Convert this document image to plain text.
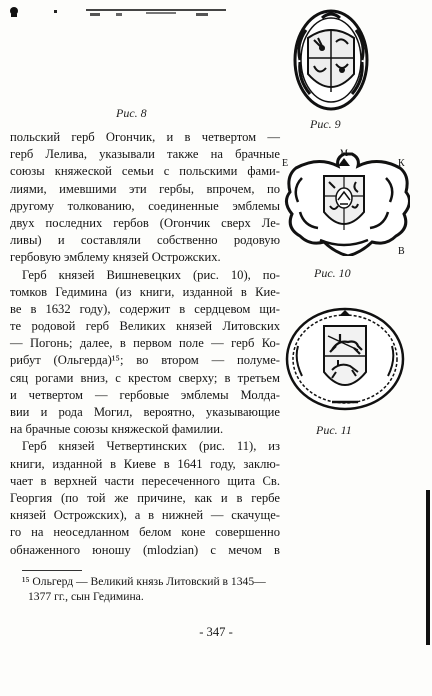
Рис. 8
Рис. 9
Е
М
К
В
Рис. 10
Рис. 11
польский герб Огончик, и в четвертом —
герб Лелива, указывали также на брачные
союзы княжеской семьи с польскими фами-
лиями, имевшими эти гербы, впрочем, по
другому толкованию, соединенные эмблемы
двух последних гербов (Огончик сверх Ле-
ливы) и составляли собственно родовую
гербовую эмблему князей Острожских.
Герб князей Вишневецких (рис. 10), по-
томков Гедимина (из книги, изданной в Кие-
ве в 1632 году), содержит в сердцевом щи-
те родовой герб Великих князей Литовских
— Погонь; далее, в первом поле — герб Ко-
рибут (Ольгерда)¹⁵; во втором — полуме-
сяц рогами вниз, с крестом сверху; в третьем
и четвертом — гербовые эмблемы Молда-
вии и рода Могил, вероятно, указывающие
на брачные союзы княжеской фамилии.
Герб князей Четвертинских (рис. 11), из
книги, изданной в Киеве в 1641 году, заклю-
чает в верхней части пересеченного щита Св.
Георгия (по той же причине, как и в гербе
князей Острожских), а в нижней — скачуще-
го на неоседланном белом коне совершенно
обнаженного юношу (mlodzian) с мечом в
¹⁵ Ольгерд — Великий князь Литовский в 1345—
1377 гг., сын Гедимина.
- 347 -
